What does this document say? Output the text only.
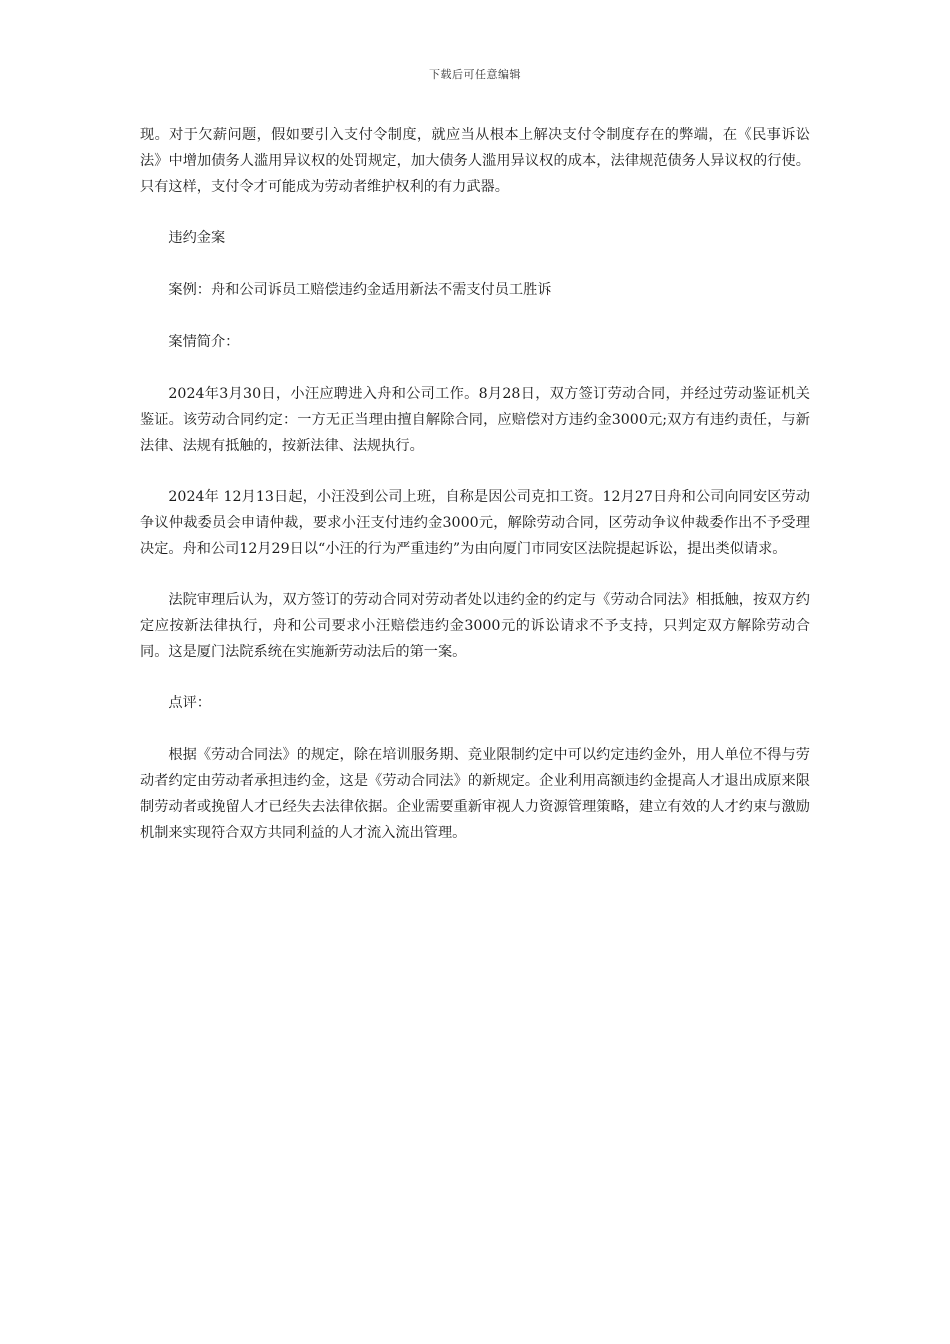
下载后可任意编辑

现。对于欠薪问题，假如要引入支付令制度，就应当从根本上解决支付令制度存在的弊端，在《民事诉讼法》中增加债务人滥用异议权的处罚规定，加大债务人滥用异议权的成本，法律规范债务人异议权的行使。只有这样，支付令才可能成为劳动者维护权利的有力武器。

违约金案

案例：舟和公司诉员工赔偿违约金适用新法不需支付员工胜诉

案情简介：

2024年3月30日，小汪应聘进入舟和公司工作。8月28日，双方签订劳动合同，并经过劳动鉴证机关鉴证。该劳动合同约定：一方无正当理由擅自解除合同，应赔偿对方违约金3000元;双方有违约责任，与新法律、法规有抵触的，按新法律、法规执行。

2024年 12月13日起，小汪没到公司上班，自称是因公司克扣工资。12月27日舟和公司向同安区劳动争议仲裁委员会申请仲裁，要求小汪支付违约金3000元，解除劳动合同，区劳动争议仲裁委作出不予受理决定。舟和公司12月29日以“小汪的行为严重违约”为由向厦门市同安区法院提起诉讼，提出类似请求。

法院审理后认为，双方签订的劳动合同对劳动者处以违约金的约定与《劳动合同法》相抵触，按双方约定应按新法律执行，舟和公司要求小汪赔偿违约金3000元的诉讼请求不予支持，只判定双方解除劳动合同。这是厦门法院系统在实施新劳动法后的第一案。

点评：

根据《劳动合同法》的规定，除在培训服务期、竞业限制约定中可以约定违约金外，用人单位不得与劳动者约定由劳动者承担违约金，这是《劳动合同法》的新规定。企业利用高额违约金提高人才退出成原来限制劳动者或挽留人才已经失去法律依据。企业需要重新审视人力资源管理策略，建立有效的人才约束与激励机制来实现符合双方共同利益的人才流入流出管理。
